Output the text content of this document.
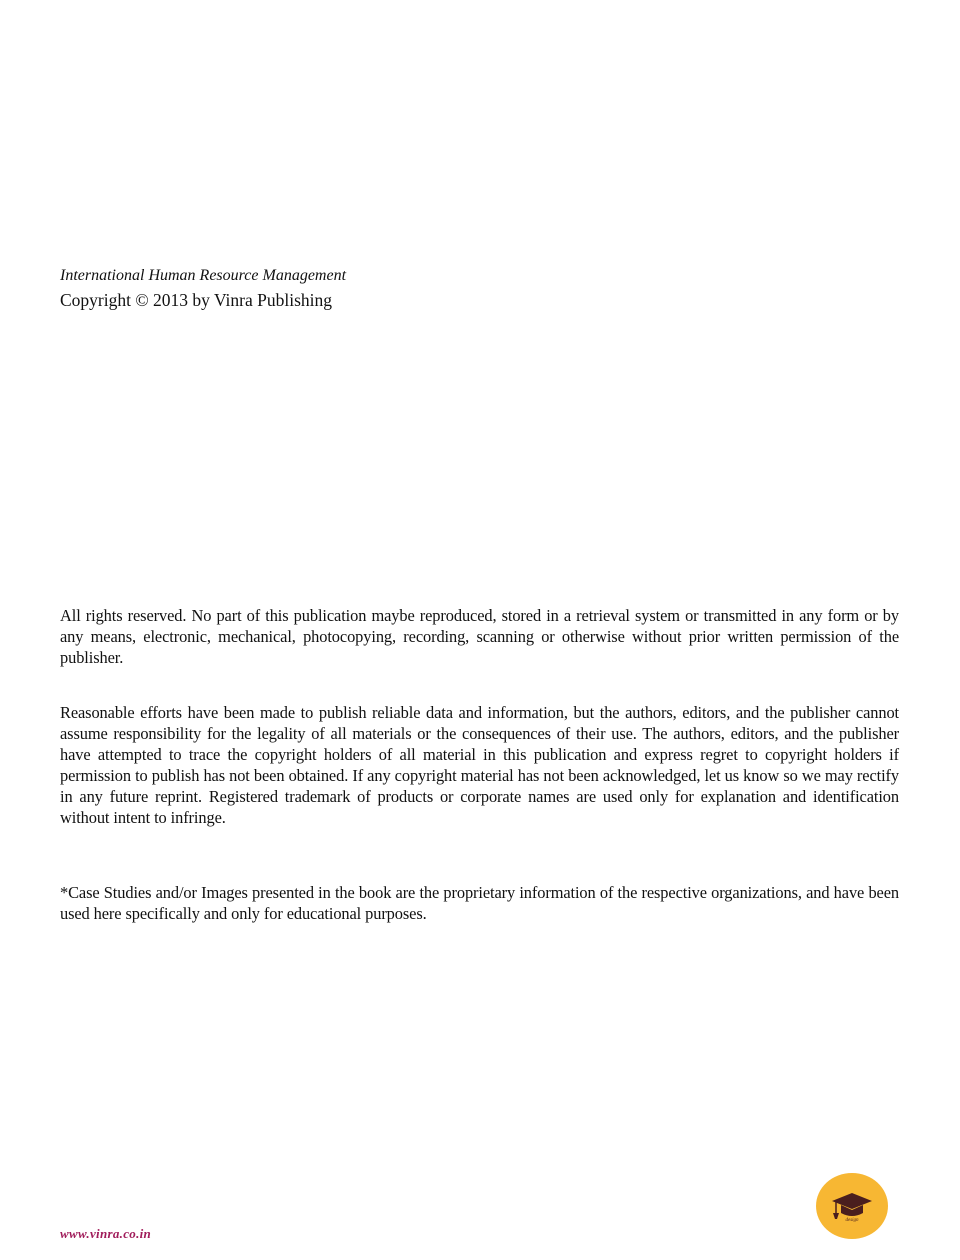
International Human Resource Management

Copyright © 2013 by Vinra Publishing

All rights reserved. No part of this publication maybe reproduced, stored in a retrieval system or transmitted in any form or by any means, electronic, mechanical, photocopying, recording, scanning or otherwise without prior written permission of the publisher.

Reasonable efforts have been made to publish reliable data and information, but the authors, editors, and the publisher cannot assume responsibility for the legality of all materials or the consequences of their use. The authors, editors, and the publisher have attempted to trace the copyright holders of all material in this publication and express regret to copyright holders if permission to publish has not been obtained. If any copyright material has not been acknowledged, let us know so we may rectify in any future reprint. Registered trademark of products or corporate names are used only for explanation and identification without intent to infringe.

*Case Studies and/or Images presented in the book are the proprietary information of the respective organizations, and have been used here specifically and only for educational purposes.

www.vinra.co.in
design
